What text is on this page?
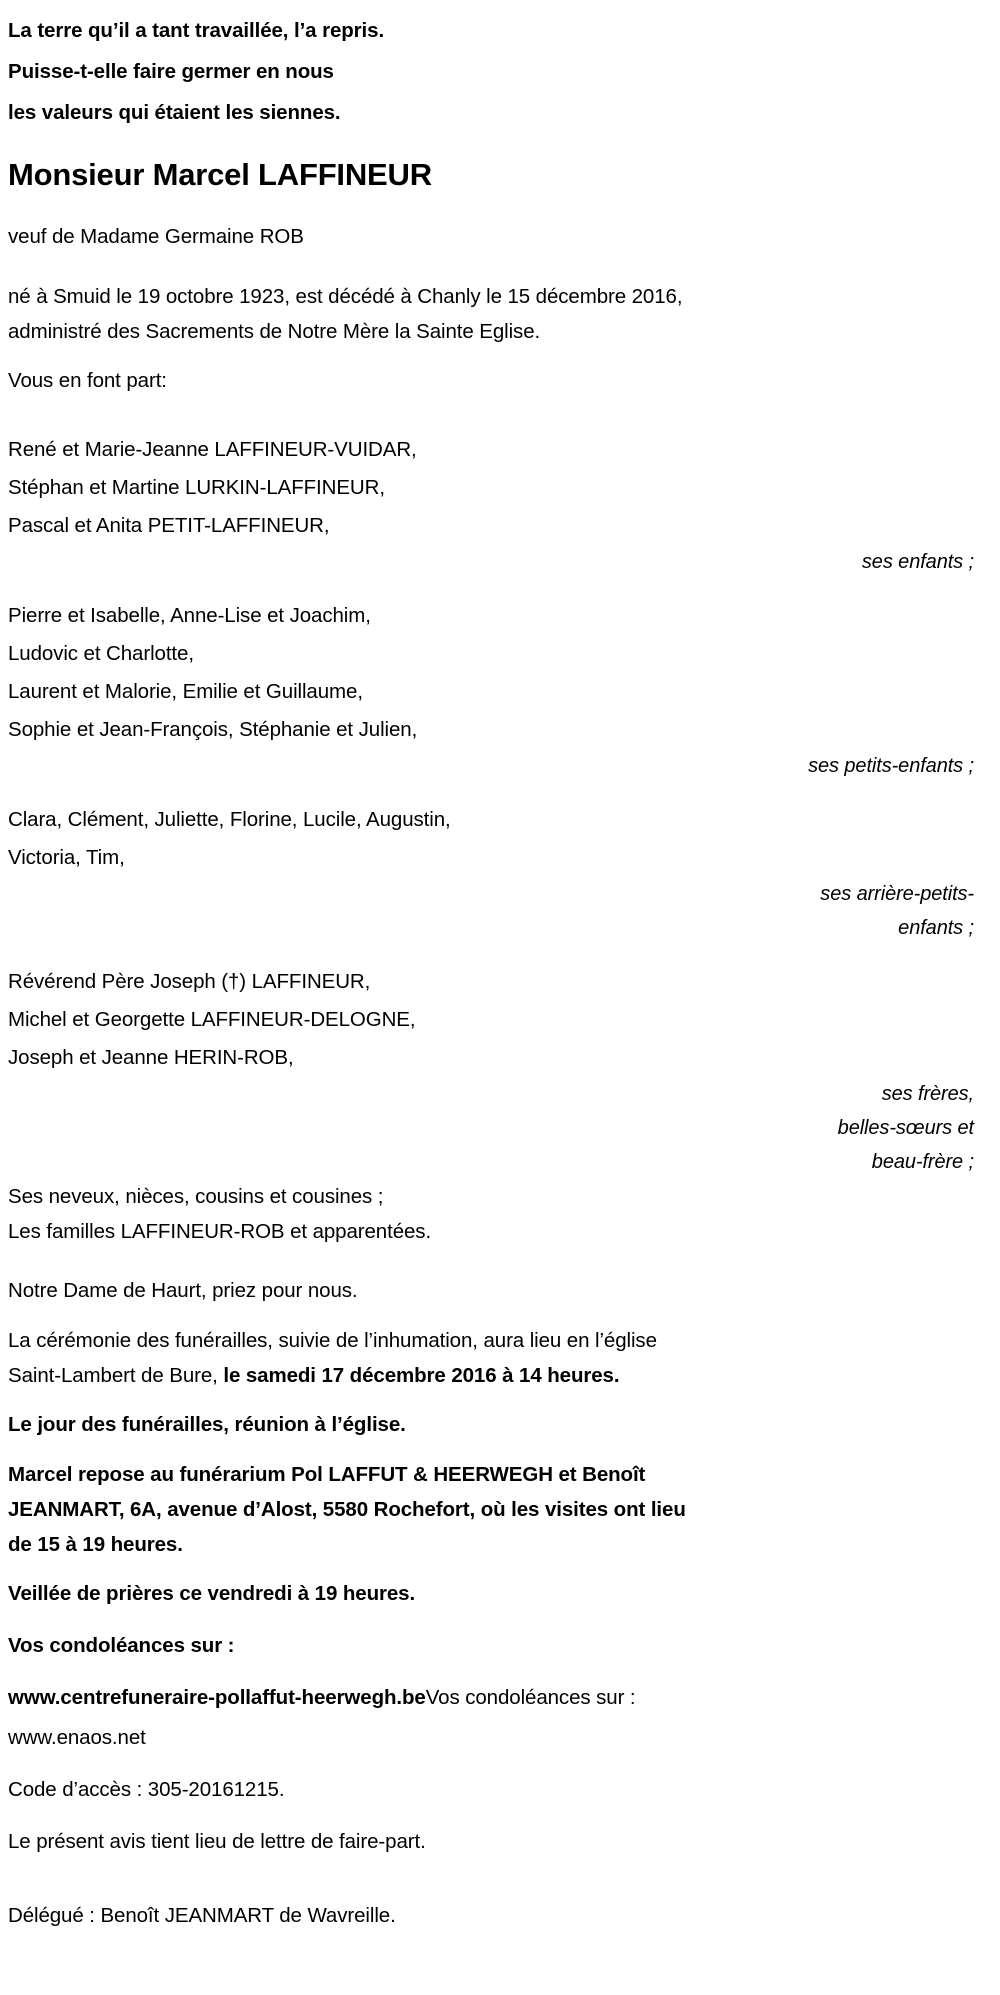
La terre qu’il a tant travaillée, l’a repris.
Puisse-t-elle faire germer en nous
les valeurs qui étaient les siennes.
Monsieur Marcel LAFFINEUR
veuf de Madame Germaine ROB
né à Smuid le 19 octobre 1923, est décédé à Chanly le 15 décembre 2016,
administré des Sacrements de Notre Mère la Sainte Eglise.
Vous en font part:
René et Marie-Jeanne LAFFINEUR-VUIDAR,
Stéphan et Martine LURKIN-LAFFINEUR,
Pascal et Anita PETIT-LAFFINEUR,
ses enfants ;
Pierre et Isabelle, Anne-Lise et Joachim,
Ludovic et Charlotte,
Laurent et Malorie, Emilie et Guillaume,
Sophie et Jean-François, Stéphanie et Julien,
ses petits-enfants ;
Clara, Clément, Juliette, Florine, Lucile, Augustin,
Victoria, Tim,
ses arrière-petits-
enfants ;
Révérend Père Joseph (†) LAFFINEUR,
Michel et Georgette LAFFINEUR-DELOGNE,
Joseph et Jeanne HERIN-ROB,
ses frères,
belles-sœurs et
beau-frère ;
Ses neveux, nièces, cousins et cousines ;
Les familles LAFFINEUR-ROB et apparentées.
Notre Dame de Haurt, priez pour nous.
La cérémonie des funérailles, suivie de l’inhumation, aura lieu en l’église
Saint-Lambert de Bure, le samedi 17 décembre 2016 à 14 heures.
Le jour des funérailles, réunion à l’église.
Marcel repose au funérarium Pol LAFFUT & HEERWEGH et Benoît
JEANMART, 6A, avenue d’Alost, 5580 Rochefort, où les visites ont lieu
de 15 à 19 heures.
Veillée de prières ce vendredi à 19 heures.
Vos condoléances sur :
www.centrefuneraire-pollaffut-heerwegh.beVos condoléances sur :
www.enaos.net
Code d’accès : 305-20161215.
Le présent avis tient lieu de lettre de faire-part.
Délégué : Benoît JEANMART de Wavreille.
